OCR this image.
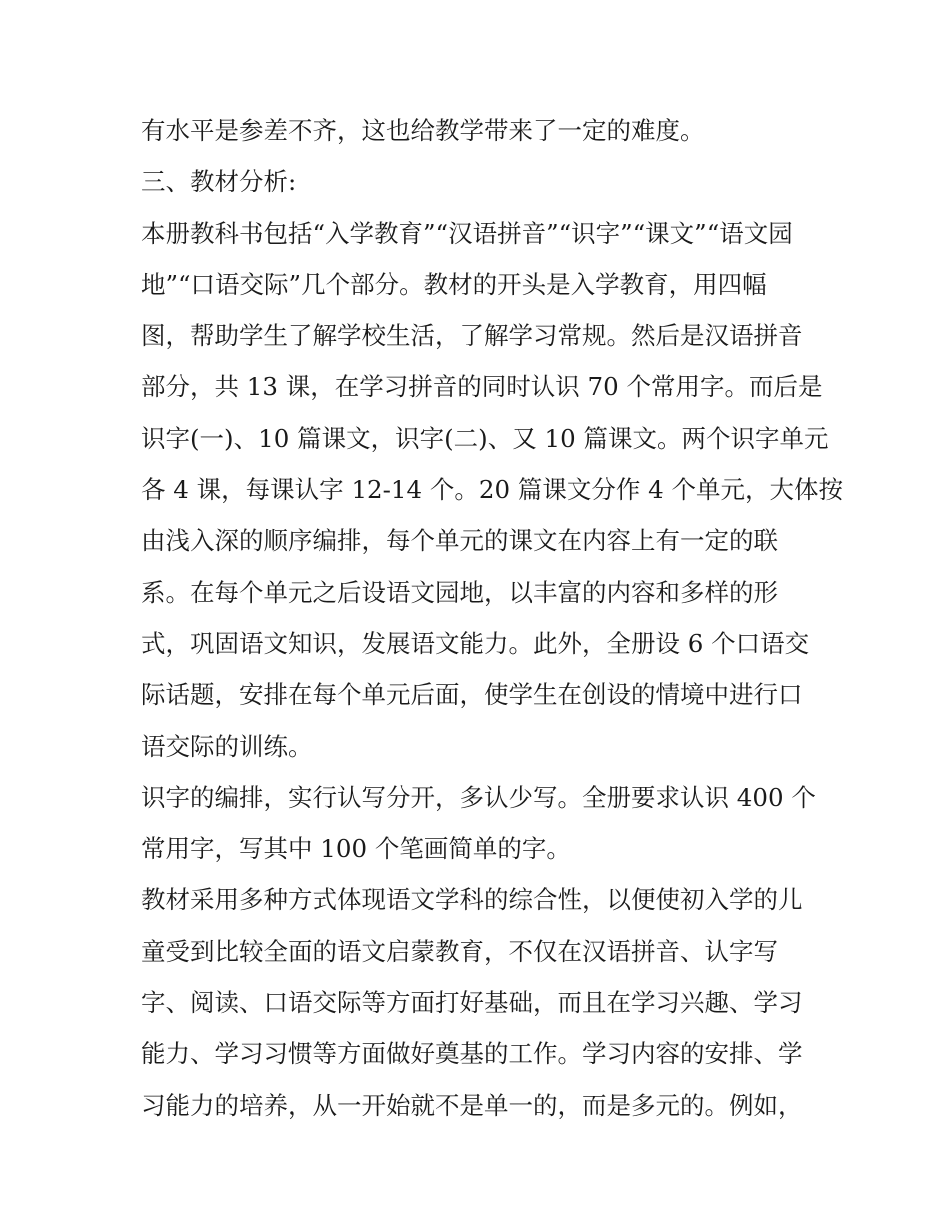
有水平是参差不齐，这也给教学带来了一定的难度。
三、教材分析:
本册教科书包括“入学教育”“汉语拼音”“识字”“课文”“语文园
地”“口语交际”几个部分。教材的开头是入学教育，用四幅
图，帮助学生了解学校生活，了解学习常规。然后是汉语拼音
部分，共 13 课，在学习拼音的同时认识 70 个常用字。而后是
识字(一)、10 篇课文，识字(二)、又 10 篇课文。两个识字单元
各 4 课，每课认字 12-14 个。20 篇课文分作 4 个单元，大体按
由浅入深的顺序编排，每个单元的课文在内容上有一定的联
系。在每个单元之后设语文园地，以丰富的内容和多样的形
式，巩固语文知识，发展语文能力。此外，全册设 6 个口语交
际话题，安排在每个单元后面，使学生在创设的情境中进行口
语交际的训练。
识字的编排，实行认写分开，多认少写。全册要求认识 400 个
常用字，写其中 100 个笔画简单的字。
教材采用多种方式体现语文学科的综合性，以便使初入学的儿
童受到比较全面的语文启蒙教育，不仅在汉语拼音、认字写
字、阅读、口语交际等方面打好基础，而且在学习兴趣、学习
能力、学习习惯等方面做好奠基的工作。学习内容的安排、学
习能力的培养，从一开始就不是单一的，而是多元的。例如，
